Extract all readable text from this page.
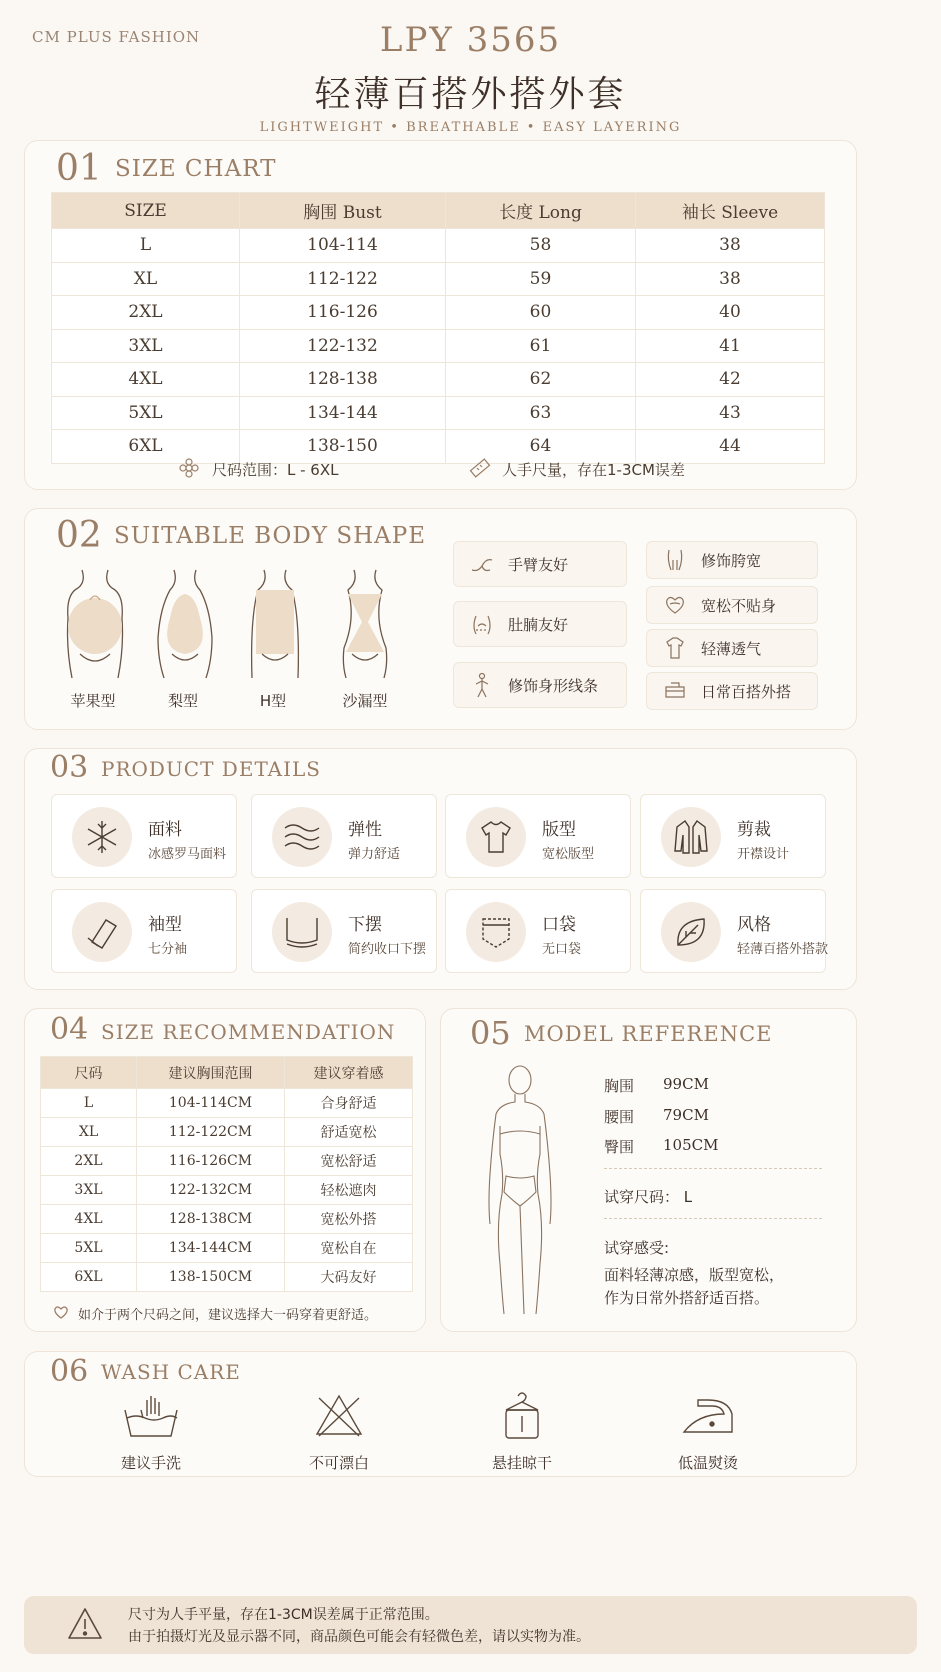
CM PLUS FASHION	LPY 3565
轻薄百搭外搭外套
LIGHTWEIGHT • BREATHABLE • EASY LAYERING
01 SIZE CHART
SIZE	胸围 Bust	长度 Long	袖长 Sleeve
L	104-114	58	38
XL	112-122	59	38
2XL	116-126	60	40
3XL	122-132	61	41
4XL	128-138	62	42
5XL	134-144	63	43
6XL	138-150	64	44
尺码范围：L - 6XL	人手尺量，存在1-3CM误差
02 SUITABLE BODY SHAPE
苹果型	梨型	H型	沙漏型
手臂友好
肚腩友好
修饰身形线条
修饰胯宽
宽松不贴身
轻薄透气
日常百搭外搭
03 PRODUCT DETAILS
面料
冰感罗马面料
弹性
弹力舒适
版型
宽松版型
剪裁
开襟设计
袖型
七分袖
下摆
简约收口下摆
口袋
无口袋
风格
轻薄百搭外搭款
04 SIZE RECOMMENDATION
尺码	建议胸围范围	建议穿着感
L	104-114CM	合身舒适
XL	112-122CM	舒适宽松
2XL	116-126CM	宽松舒适
3XL	122-132CM	轻松遮肉
4XL	128-138CM	宽松外搭
5XL	134-144CM	宽松自在
6XL	138-150CM	大码友好
如介于两个尺码之间，建议选择大一码穿着更舒适。
05 MODEL REFERENCE
胸围 99CM
腰围 79CM
臀围 105CM
试穿尺码： L
试穿感受:
面料轻薄凉感，版型宽松，
作为日常外搭舒适百搭。
06 WASH CARE
建议手洗	不可漂白	悬挂晾干	低温熨烫
尺寸为人手平量，存在1-3CM误差属于正常范围。
由于拍摄灯光及显示器不同，商品颜色可能会有轻微色差，请以实物为准。
